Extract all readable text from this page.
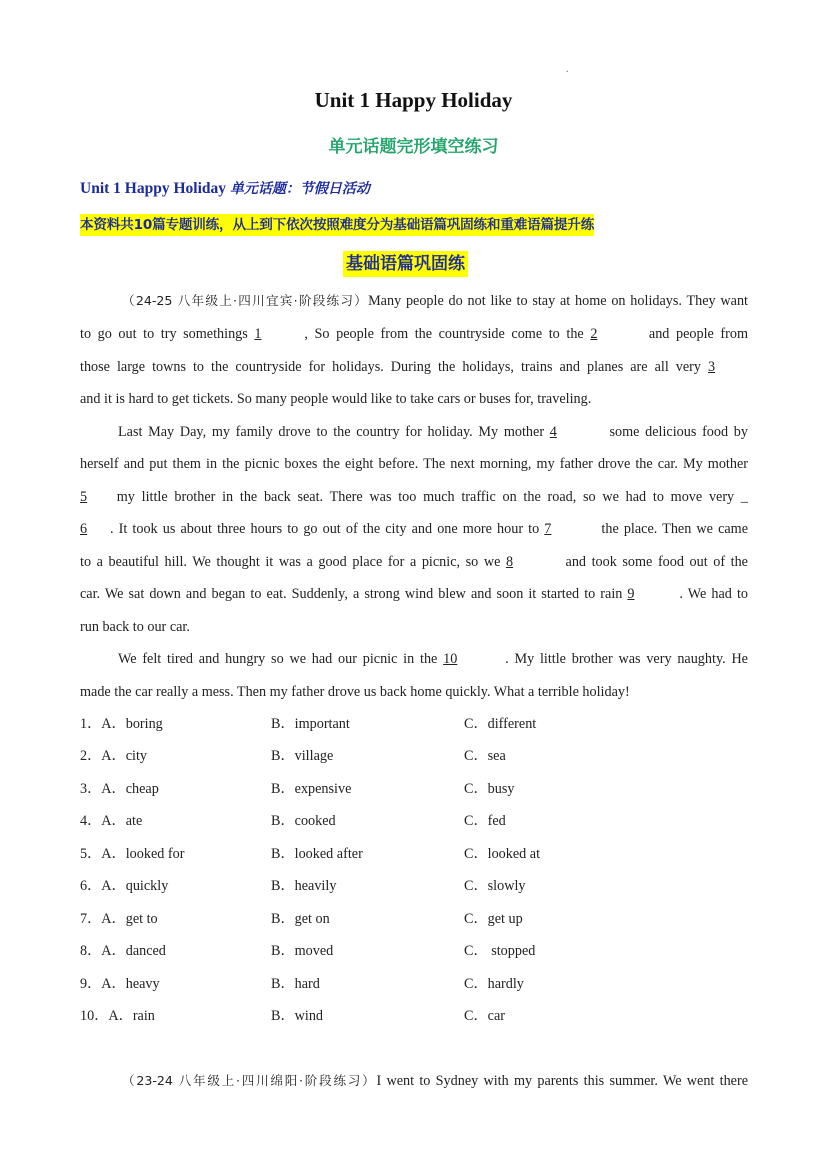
.
Unit 1 Happy Holiday
单元话题完形填空练习
Unit 1 Happy Holiday 单元话题：节假日活动
本资料共10篇专题训练，从上到下依次按照难度分为基础语篇巩固练和重难语篇提升练
基础语篇巩固练
（24-25 八年级上·四川宜宾·阶段练习）Many people do not like to stay at home on holidays. They want
to go out to try somethings 1	, So people from the countryside come to the 2	and people from
those large towns to the countryside for holidays. During the holidays, trains and planes are all very 3
and it is hard to get tickets. So many people would like to take cars or buses for, traveling.
Last May Day, my family drove to the country for holiday. My mother 4	some delicious food by
herself and put them in the picnic boxes the eight before. The next morning, my father drove the car. My mother
5 my little brother in the back seat. There was too much traffic on the road, so we had to move very _
6 . It took us about three hours to go out of the city and one more hour to 7	the place. Then we came
to a beautiful hill. We thought it was a good place for a picnic, so we 8	and took some food out of the
car. We sat down and began to eat. Suddenly, a strong wind blew and soon it started to rain 9	. We had to
run back to our car.
We felt tired and hungry so we had our picnic in the 10	. My little brother was very naughty. He
made the car really a mess. Then my father drove us back home quickly. What a terrible holiday!
1．A．boring	B．important	C．different
2．A．city	B．village	C．sea
3．A．cheap	B．expensive	C．busy
4．A．ate	B．cooked	C．fed
5．A．looked for	B．looked after	C．looked at
6．A．quickly	B．heavily	C．slowly
7．A．get to	B．get on	C．get up
8．A．danced	B．moved	C． stopped
9．A．heavy	B．hard	C．hardly
10．A．rain	B．wind	C．car
（23-24 八年级上·四川绵阳·阶段练习）I went to Sydney with my parents this summer. We went there
